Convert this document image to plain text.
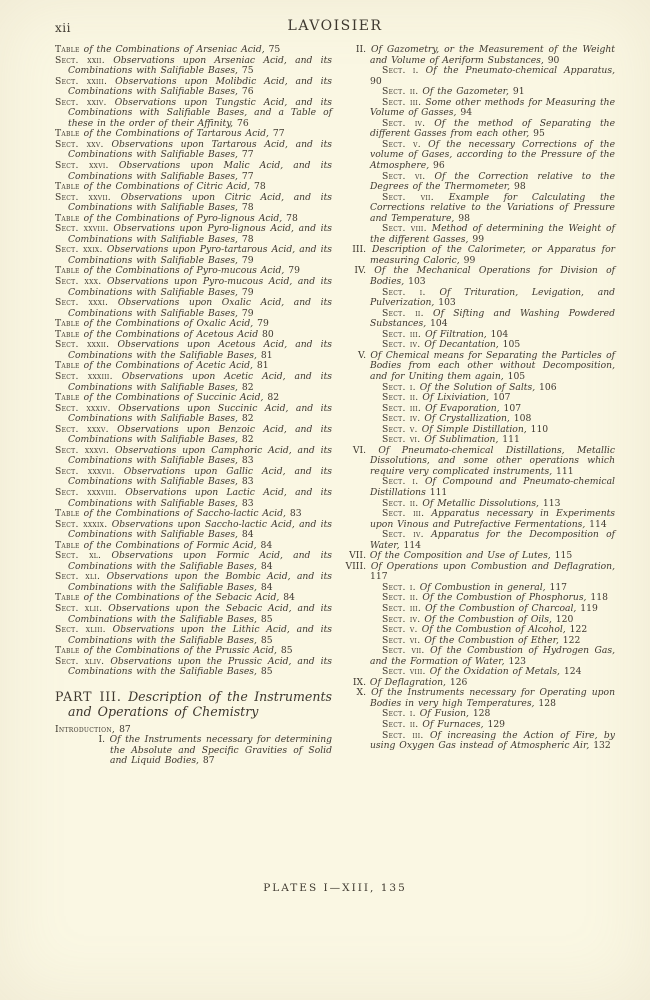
xii	LAVOISIER

Table of the Combinations of Arseniac Acid, 75

Sect. xxii. Observations upon Arseniac Acid, and its Combinations with Salifiable Bases, 75

Sect. xxiii. Observations upon Molibdic Acid, and its Combinations with Salifiable Bases, 76

Sect. xxiv. Observations upon Tungstic Acid, and its Combinations with Salifiable Bases, and a Table of these in the order of their Affinity, 76

Table of the Combinations of Tartarous Acid, 77

Sect. xxv. Observations upon Tartarous Acid, and its Combinations with Salifiable Bases, 77

Sect. xxvi. Observations upon Malic Acid, and its Combinations with Salifiable Bases, 77

Table of the Combinations of Citric Acid, 78

Sect. xxvii. Observations upon Citric Acid, and its Combinations with Salifiable Bases, 78

Table of the Combinations of Pyro-lignous Acid, 78

Sect. xxviii. Observations upon Pyro-lignous Acid, and its Combinations with Salifiable Bases, 78

Sect. xxix. Observations upon Pyro-tartarous Acid, and its Combinations with Salifiable Bases, 79

Table of the Combinations of Pyro-mucous Acid, 79

Sect. xxx. Observations upon Pyro-mucous Acid, and its Combinations with Salifiable Bases, 79

Sect. xxxi. Observations upon Oxalic Acid, and its Combinations with Salifiable Bases, 79

Table of the Combinations of Oxalic Acid, 79

Table of the Combinations of Acetous Acid 80

Sect. xxxii. Observations upon Acetous Acid, and its Combinations with the Salifiable Bases, 81

Table of the Combinations of Acetic Acid, 81

Sect. xxxiii. Observations upon Acetic Acid, and its Combinations with Salifiable Bases, 82

Table of the Combinations of Succinic Acid, 82

Sect. xxxiv. Observations upon Succinic Acid, and its Combinations with Salifiable Bases, 82

Sect. xxxv. Observations upon Benzoic Acid, and its Combinations with Salifiable Bases, 82

Sect. xxxvi. Observations upon Camphoric Acid, and its Combinations with Salifiable Bases, 83

Sect. xxxvii. Observations upon Gallic Acid, and its Combinations with Salifiable Bases, 83

Sect. xxxviii. Observations upon Lactic Acid, and its Combinations with Salifiable Bases, 83

Table of the Combinations of Saccho-lactic Acid, 83

Sect. xxxix. Observations upon Saccho-lactic Acid, and its Combinations with Salifiable Bases, 84

Table of the Combinations of Formic Acid, 84

Sect. xl. Observations upon Formic Acid, and its Combinations with the Salifiable Bases, 84

Sect. xli. Observations upon the Bombic Acid, and its Combinations with the Salifiable Bases, 84

Table of the Combinations of the Sebacic Acid, 84

Sect. xlii. Observations upon the Sebacic Acid, and its Combinations with the Salifiable Bases, 85

Sect. xliii. Observations upon the Lithic Acid, and its Combinations with the Salifiable Bases, 85

Table of the Combinations of the Prussic Acid, 85

Sect. xliv. Observations upon the Prussic Acid, and its Combinations with the Salifiable Bases, 85

PART III. Description of the Instruments and Operations of Chemistry

Introduction, 87

I. Of the Instruments necessary for determining the Absolute and Specific Gravities of Solid and Liquid Bodies, 87

II. Of Gazometry, or the Measurement of the Weight and Volume of Aeriform Substances, 90

Sect. i. Of the Pneumato-chemical Apparatus, 90

Sect. ii. Of the Gazometer, 91

Sect. iii. Some other methods for Measuring the Volume of Gasses, 94

Sect. iv. Of the method of Separating the different Gasses from each other, 95

Sect. v. Of the necessary Corrections of the volume of Gases, according to the Pressure of the Atmosphere, 96

Sect. vi. Of the Correction relative to the Degrees of the Thermometer, 98

Sect. vii. Example for Calculating the Corrections relative to the Variations of Pressure and Temperature, 98

Sect. viii. Method of determining the Weight of the different Gasses, 99

III. Description of the Calorimeter, or Apparatus for measuring Caloric, 99

IV. Of the Mechanical Operations for Division of Bodies, 103

Sect. i. Of Trituration, Levigation, and Pulverization, 103

Sect. ii. Of Sifting and Washing Powdered Substances, 104

Sect. iii. Of Filtration, 104

Sect. iv. Of Decantation, 105

V. Of Chemical means for Separating the Particles of Bodies from each other without Decomposition, and for Uniting them again, 105

Sect. i. Of the Solution of Salts, 106

Sect. ii. Of Lixiviation, 107

Sect. iii. Of Evaporation, 107

Sect. iv. Of Crystallization, 108

Sect. v. Of Simple Distillation, 110

Sect. vi. Of Sublimation, 111

VI. Of Pneumato-chemical Distillations, Metallic Dissolutions, and some other operations which require very complicated instruments, 111

Sect. i. Of Compound and Pneumato-chemical Distillations 111

Sect. ii. Of Metallic Dissolutions, 113

Sect. iii. Apparatus necessary in Experiments upon Vinous and Putrefactive Fermentations, 114

Sect. iv. Apparatus for the Decomposition of Water, 114

VII. Of the Composition and Use of Lutes, 115

VIII. Of Operations upon Combustion and Deflagration, 117

Sect. i. Of Combustion in general, 117

Sect. ii. Of the Combustion of Phosphorus, 118

Sect. iii. Of the Combustion of Charcoal, 119

Sect. iv. Of the Combustion of Oils, 120

Sect. v. Of the Combustion of Alcohol, 122

Sect. vi. Of the Combustion of Ether, 122

Sect. vii. Of the Combustion of Hydrogen Gas, and the Formation of Water, 123

Sect. viii. Of the Oxidation of Metals, 124

IX. Of Deflagration, 126

X. Of the Instruments necessary for Operating upon Bodies in very high Temperatures, 128

Sect. i. Of Fusion, 128

Sect. ii. Of Furnaces, 129

Sect. iii. Of increasing the Action of Fire, by using Oxygen Gas instead of Atmospheric Air, 132

PLATES I—XIII, 135
